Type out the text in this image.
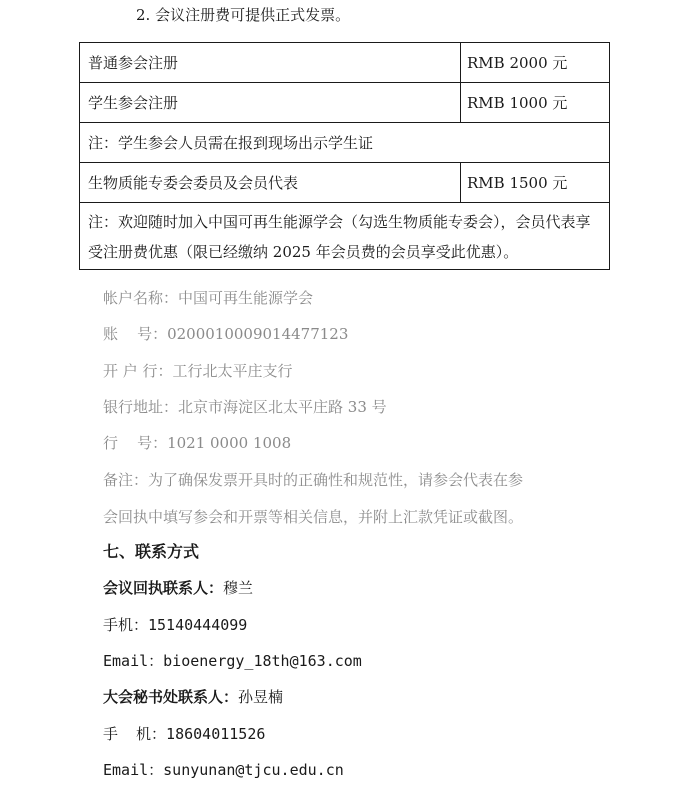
2. 会议注册费可提供正式发票。
普通参会注册	RMB 2000 元
学生参会注册	RMB 1000 元
注：学生参会人员需在报到现场出示学生证	
生物质能专委会委员及会员代表	RMB 1500 元
注：欢迎随时加入中国可再生能源学会（勾选生物质能专委会），会员代表享受注册费优惠（限已经缴纳 2025 年会员费的会员享受此优惠）。	
帐户名称：中国可再生能源学会
账    号：0200010009014477123
开 户 行：工行北太平庄支行
银行地址：北京市海淀区北太平庄路 33 号
行    号：1021 0000 1008
备注：为了确保发票开具时的正确性和规范性，请参会代表在参
会回执中填写参会和开票等相关信息，并附上汇款凭证或截图。
七、联系方式
会议回执联系人：穆兰
手机：15140444099
Email：bioenergy_18th@163.com
大会秘书处联系人：孙昱楠
手  机：18604011526
Email：sunyunan@tjcu.edu.cn
